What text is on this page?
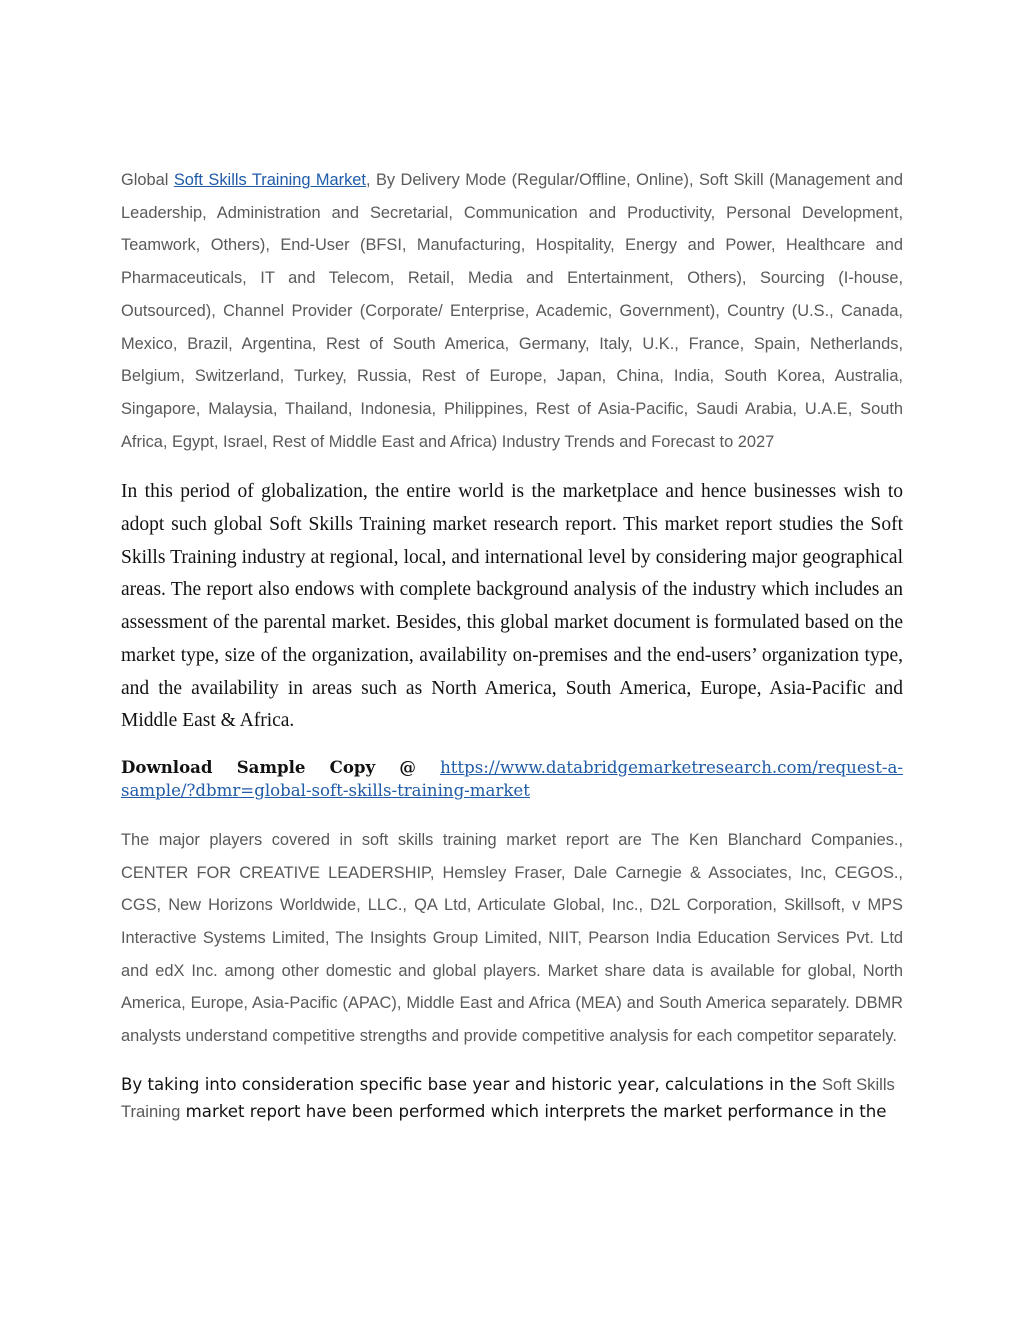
Global Soft Skills Training Market, By Delivery Mode (Regular/Offline, Online), Soft Skill (Management and Leadership, Administration and Secretarial, Communication and Productivity, Personal Development, Teamwork, Others), End-User (BFSI, Manufacturing, Hospitality, Energy and Power, Healthcare and Pharmaceuticals, IT and Telecom, Retail, Media and Entertainment, Others), Sourcing (I-house, Outsourced), Channel Provider (Corporate/ Enterprise, Academic, Government), Country (U.S., Canada, Mexico, Brazil, Argentina, Rest of South America, Germany, Italy, U.K., France, Spain, Netherlands, Belgium, Switzerland, Turkey, Russia, Rest of Europe, Japan, China, India, South Korea, Australia, Singapore, Malaysia, Thailand, Indonesia, Philippines, Rest of Asia-Pacific, Saudi Arabia, U.A.E, South Africa, Egypt, Israel, Rest of Middle East and Africa) Industry Trends and Forecast to 2027

In this period of globalization, the entire world is the marketplace and hence businesses wish to adopt such global Soft Skills Training market research report. This market report studies the Soft Skills Training industry at regional, local, and international level by considering major geographical areas. The report also endows with complete background analysis of the industry which includes an assessment of the parental market. Besides, this global market document is formulated based on the market type, size of the organization, availability on-premises and the end-users’ organization type, and the availability in areas such as North America, South America, Europe, Asia-Pacific and Middle East & Africa.

Download Sample Copy @ https://www.databridgemarketresearch.com/request-a-
sample/?dbmr=global-soft-skills-training-market

The major players covered in soft skills training market report are The Ken Blanchard Companies., CENTER FOR CREATIVE LEADERSHIP, Hemsley Fraser, Dale Carnegie & Associates, Inc, CEGOS., CGS, New Horizons Worldwide, LLC., QA Ltd, Articulate Global, Inc., D2L Corporation, Skillsoft, v MPS Interactive Systems Limited, The Insights Group Limited, NIIT, Pearson India Education Services Pvt. Ltd and edX Inc. among other domestic and global players. Market share data is available for global, North America, Europe, Asia-Pacific (APAC), Middle East and Africa (MEA) and South America separately. DBMR analysts understand competitive strengths and provide competitive analysis for each competitor separately.

By taking into consideration specific base year and historic year, calculations in the Soft Skills Training market report have been performed which interprets the market performance in the
